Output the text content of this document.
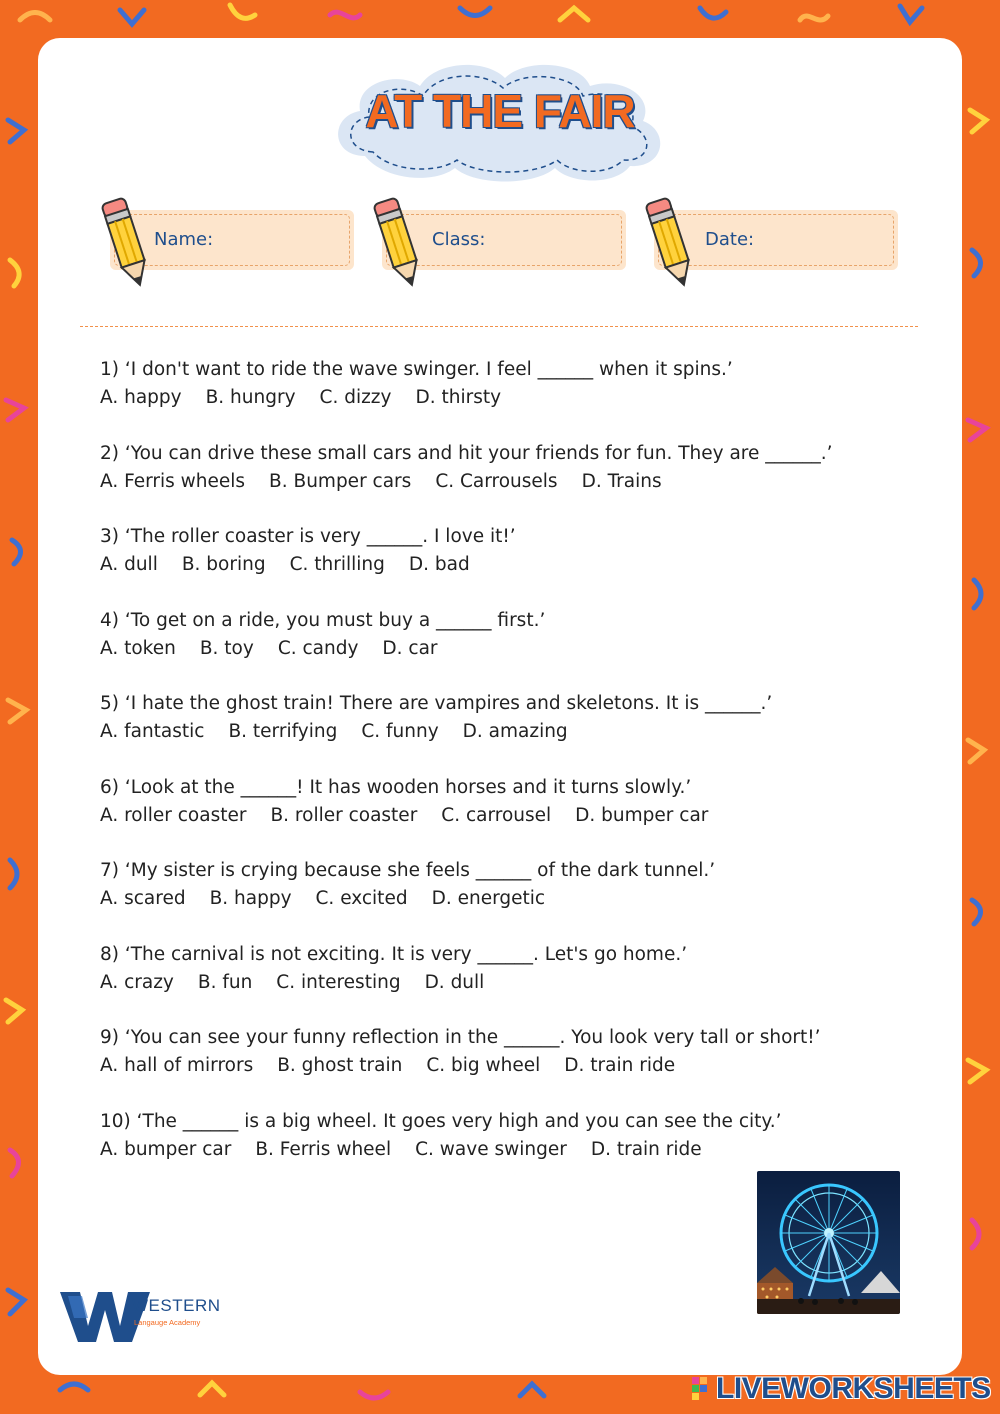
AT THE FAIR
Name:	Class:	Date:
1) ‘I don't want to ride the wave swinger. I feel ______ when it spins.’
A. happy B. hungry C. dizzy D. thirsty
2) ‘You can drive these small cars and hit your friends for fun. They are ______.’
A. Ferris wheels B. Bumper cars C. Carrousels D. Trains
3) ‘The roller coaster is very ______. I love it!’
A. dull B. boring C. thrilling D. bad
4) ‘To get on a ride, you must buy a ______ first.’
A. token B. toy C. candy D. car
5) ‘I hate the ghost train! There are vampires and skeletons. It is ______.’
A. fantastic B. terrifying C. funny D. amazing
6) ‘Look at the ______! It has wooden horses and it turns slowly.’
A. roller coaster B. roller coaster C. carrousel D. bumper car
7) ‘My sister is crying because she feels ______ of the dark tunnel.’
A. scared B. happy C. excited D. energetic
8) ‘The carnival is not exciting. It is very ______. Let's go home.’
A. crazy B. fun C. interesting D. dull
9) ‘You can see your funny reflection in the ______. You look very tall or short!’
A. hall of mirrors B. ghost train C. big wheel D. train ride
10) ‘The ______ is a big wheel. It goes very high and you can see the city.’
A. bumper car B. Ferris wheel C. wave swinger D. train ride
WESTERN
Langauge Academy
LIVEWORKSHEETS
